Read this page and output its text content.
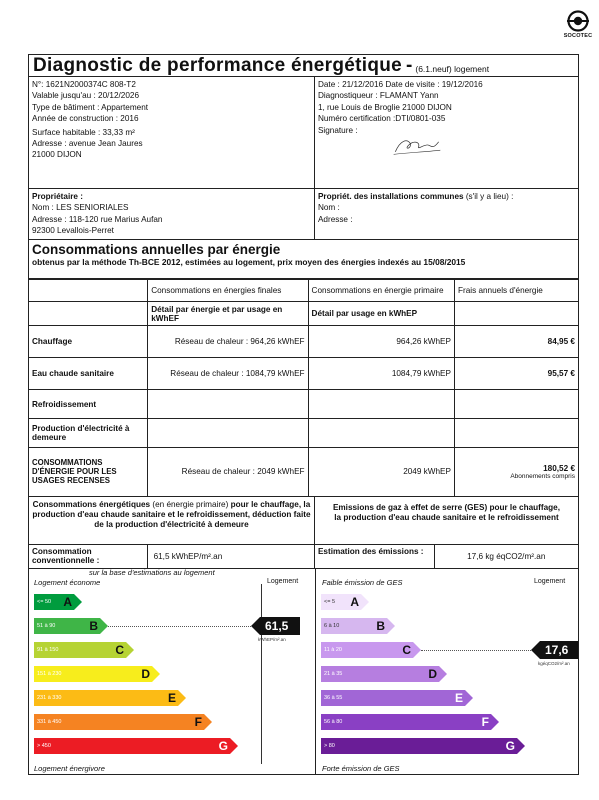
SOCOTEC
Diagnostic de performance énergétique - (6.1.neuf) logement
N°: 1621N2000374C 808-T2
Valable jusqu'au : 20/12/2026
Type de bâtiment : Appartement
Année de construction : 2016
Surface habitable : 33,33 m²
Adresse : avenue Jean Jaures
21000 DIJON
Date : 21/12/2016 Date de visite : 19/12/2016
Diagnostiqueur : FLAMANT Yann
1, rue Louis de Broglie 21000 DIJON
Numéro certification :DTI/0801-035
Signature :
Propriétaire :
Nom : LES SENIORIALES
Adresse : 118-120 rue Marius Aufan
92300 Levallois-Perret
Propriét. des installations communes (s'il y a lieu) :
Nom :
Adresse :
Consommations annuelles par énergie
obtenus par la méthode Th-BCE 2012, estimées au logement, prix moyen des énergies indexés au 15/08/2015
	Consommations en énergies finales	Consommations en énergie primaire	Frais annuels d'énergie
	Détail par énergie et par usage en kWhEF	Détail par usage en kWhEP	
Chauffage	Réseau de chaleur : 964,26 kWhEF	964,26 kWhEP	84,95 €
Eau chaude sanitaire	Réseau de chaleur : 1084,79 kWhEF	1084,79 kWhEP	95,57 €
Refroidissement			
Production d'électricité à demeure			
CONSOMMATIONS D'ÉNERGIE POUR LES USAGES RECENSES	Réseau de chaleur : 2049 kWhEF	2049 kWhEP	180,52 €
Abonnements compris
Consommations énergétiques (en énergie primaire) pour le chauffage, la production d'eau chaude sanitaire et le refroidissement, déduction faite de la production d'électricité à demeure
Emissions de gaz à effet de serre (GES) pour le chauffage, la production d'eau chaude sanitaire et le refroidissement
Consommation conventionnelle :	61,5 kWhEP/m².an
Estimation des émissions :
17,6 kg éqCO2/m².an
sur la base d'estimations au logement
Logement économe	Logement
<= 50 A
51 à 90	B	61,5
kWhEP/m².an
91 à 150	C
151 à 230	D
231 à 330	E
331 à 450	F
> 450	G
Logement énergivore
Faible émission de GES	Logement
<= 5 A
6 à 10	B
11 à 20	C	17,6
kgéqCO2/m².an
21 à 35	D
36 à 55	E
56 à 80	F
> 80	G
Forte émission de GES
